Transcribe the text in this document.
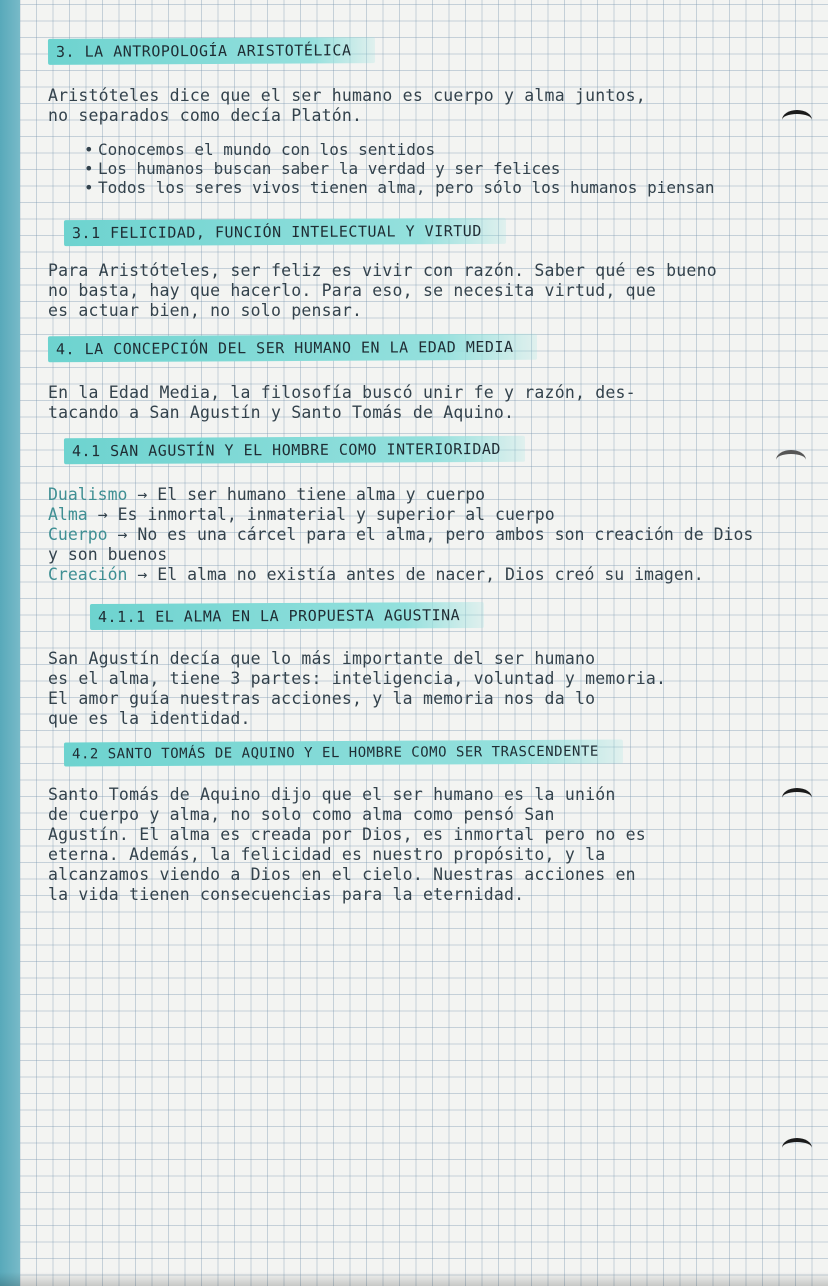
3. LA ANTROPOLOGÍA ARISTOTÉLICA

Aristóteles dice que el ser humano es cuerpo y alma juntos,
no separados como decía Platón.

• Conocemos el mundo con los sentidos
• Los humanos buscan saber la verdad y ser felices
• Todos los seres vivos tienen alma, pero sólo los humanos piensan
3.1 FELICIDAD, FUNCIÓN INTELECTUAL Y VIRTUD

Para Aristóteles, ser feliz es vivir con razón. Saber qué es bueno
no basta, hay que hacerlo. Para eso, se necesita virtud, que
es actuar bien, no solo pensar.

4. LA CONCEPCIÓN DEL SER HUMANO EN LA EDAD MEDIA

En la Edad Media, la filosofía buscó unir fe y razón, des-
tacando a San Agustín y Santo Tomás de Aquino.

4.1 SAN AGUSTÍN Y EL HOMBRE COMO INTERIORIDAD
Dualismo → El ser humano tiene alma y cuerpo
Alma → Es inmortal, inmaterial y superior al cuerpo
Cuerpo → No es una cárcel para el alma, pero ambos son creación de Dios y son buenos
Creación → El alma no existía antes de nacer, Dios creó su imagen.
4.1.1 EL ALMA EN LA PROPUESTA AGUSTINA

San Agustín decía que lo más importante del ser humano
es el alma, tiene 3 partes: inteligencia, voluntad y memoria.
El amor guía nuestras acciones, y la memoria nos da lo
que es la identidad.

4.2 SANTO TOMÁS DE AQUINO Y EL HOMBRE COMO SER TRASCENDENTE

Santo Tomás de Aquino dijo que el ser humano es la unión
de cuerpo y alma, no solo como alma como pensó San
Agustín. El alma es creada por Dios, es inmortal pero no es
eterna. Además, la felicidad es nuestro propósito, y la
alcanzamos viendo a Dios en el cielo. Nuestras acciones en
la vida tienen consecuencias para la eternidad.
